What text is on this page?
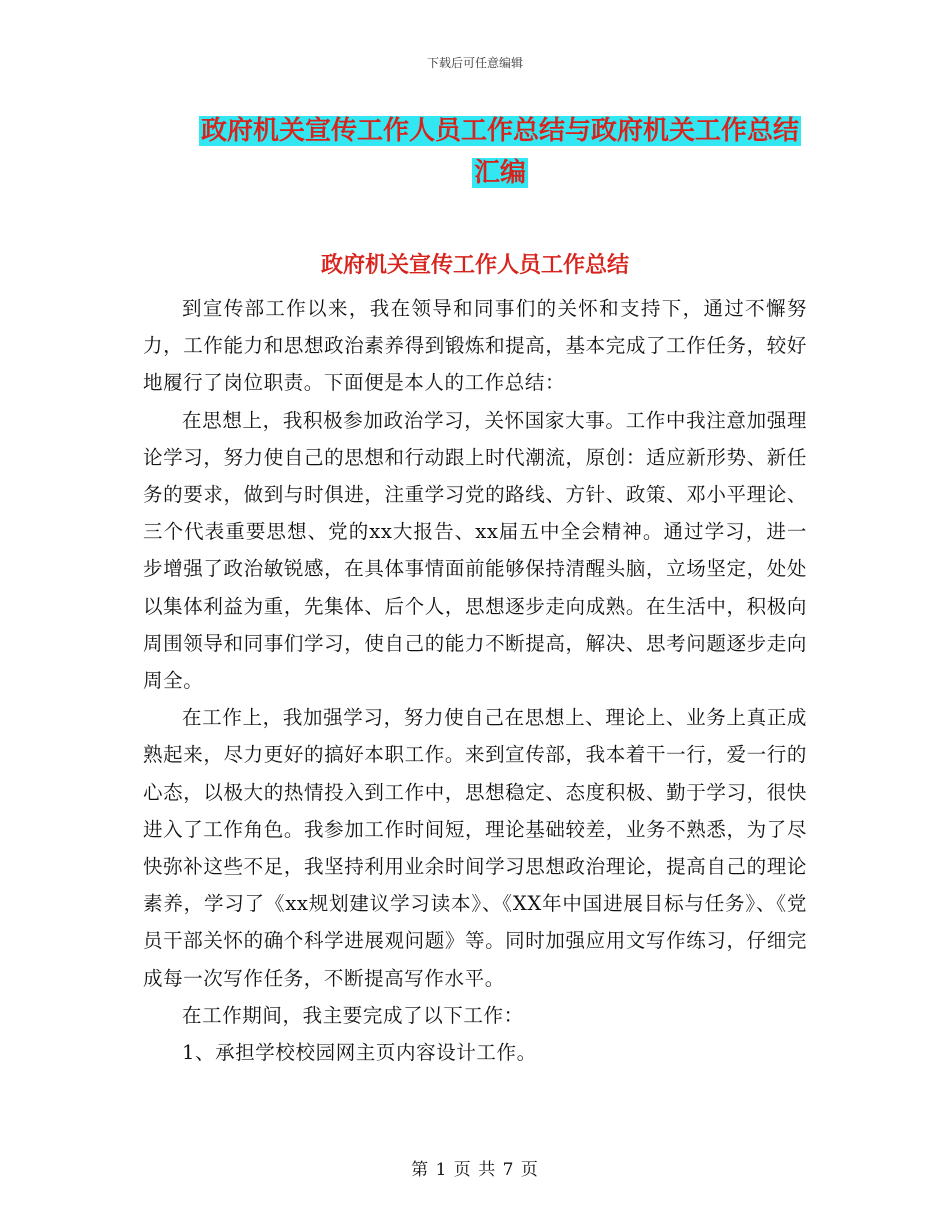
下载后可任意编辑
政府机关宣传工作人员工作总结与政府机关工作总结
汇编
政府机关宣传工作人员工作总结

到宣传部工作以来，我在领导和同事们的关怀和支持下，通过不懈努力，工作能力和思想政治素养得到锻炼和提高，基本完成了工作任务，较好地履行了岗位职责。下面便是本人的工作总结：

在思想上，我积极参加政治学习，关怀国家大事。工作中我注意加强理论学习，努力使自己的思想和行动跟上时代潮流，原创：适应新形势、新任务的要求，做到与时俱进，注重学习党的路线、方针、政策、邓小平理论、三个代表重要思想、党的xx大报告、xx届五中全会精神。通过学习，进一步增强了政治敏锐感，在具体事情面前能够保持清醒头脑，立场坚定，处处以集体利益为重，先集体、后个人，思想逐步走向成熟。在生活中，积极向周围领导和同事们学习，使自己的能力不断提高，解决、思考问题逐步走向周全。

在工作上，我加强学习，努力使自己在思想上、理论上、业务上真正成熟起来，尽力更好的搞好本职工作。来到宣传部，我本着干一行，爱一行的心态，以极大的热情投入到工作中，思想稳定、态度积极、勤于学习，很快进入了工作角色。我参加工作时间短，理论基础较差，业务不熟悉，为了尽快弥补这些不足，我坚持利用业余时间学习思想政治理论，提高自己的理论素养，学习了《xx规划建议学习读本》、《XX年中国进展目标与任务》、《党员干部关怀的确个科学进展观问题》等。同时加强应用文写作练习，仔细完成每一次写作任务，不断提高写作水平。

在工作期间，我主要完成了以下工作：

1、承担学校校园网主页内容设计工作。

第 1 页 共 7 页
